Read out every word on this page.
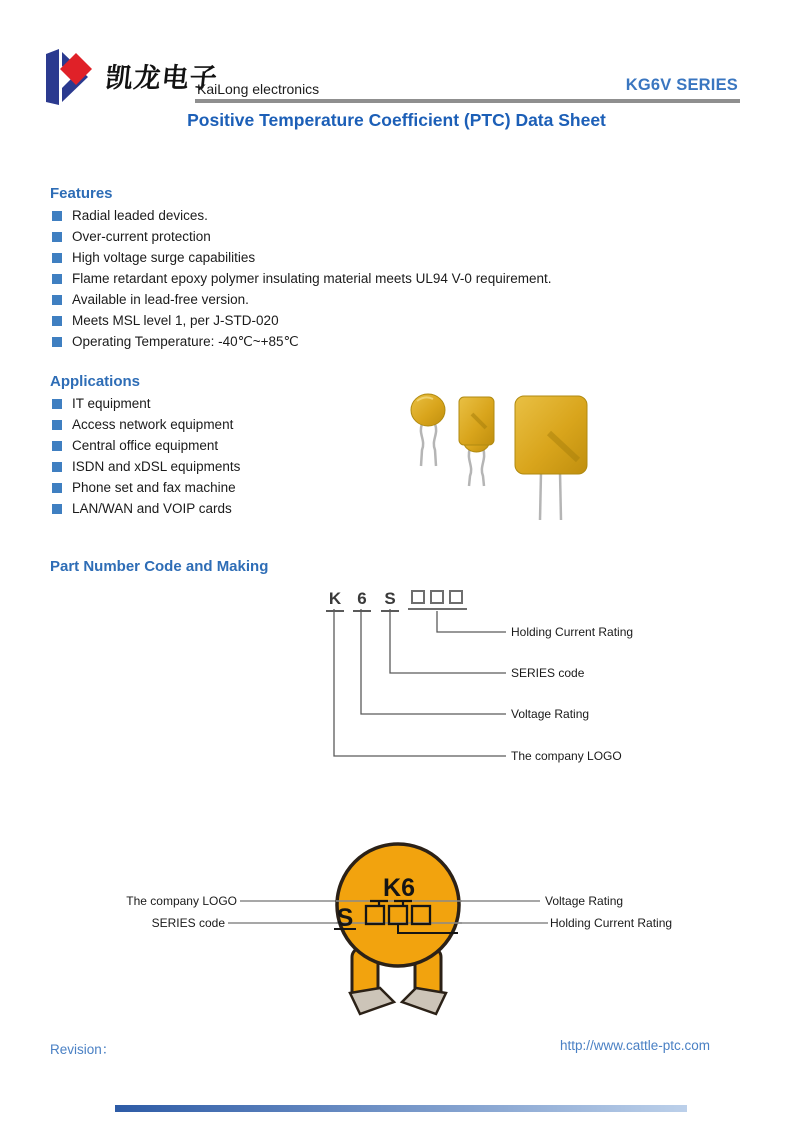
凯龙电子
KaiLong electronics	KG6V SERIES
Positive Temperature Coefficient (PTC) Data Sheet
Features
Radial leaded devices.
Over-current protection
High voltage surge capabilities
Flame retardant epoxy polymer insulating material meets UL94 V-0 requirement.
Available in lead-free version.
Meets MSL level 1, per J-STD-020
Operating Temperature: -40℃~+85℃
Applications
IT equipment
Access network equipment
Central office equipment
ISDN and xDSL equipments
Phone set and fax machine
LAN/WAN and VOIP cards
Part Number Code and Making
K 6 S
Holding Current Rating
SERIES code
Voltage Rating
The company LOGO
K6
S
The company LOGO
SERIES code
Voltage Rating
Holding Current Rating
Revision：	http://www.cattle-ptc.com
